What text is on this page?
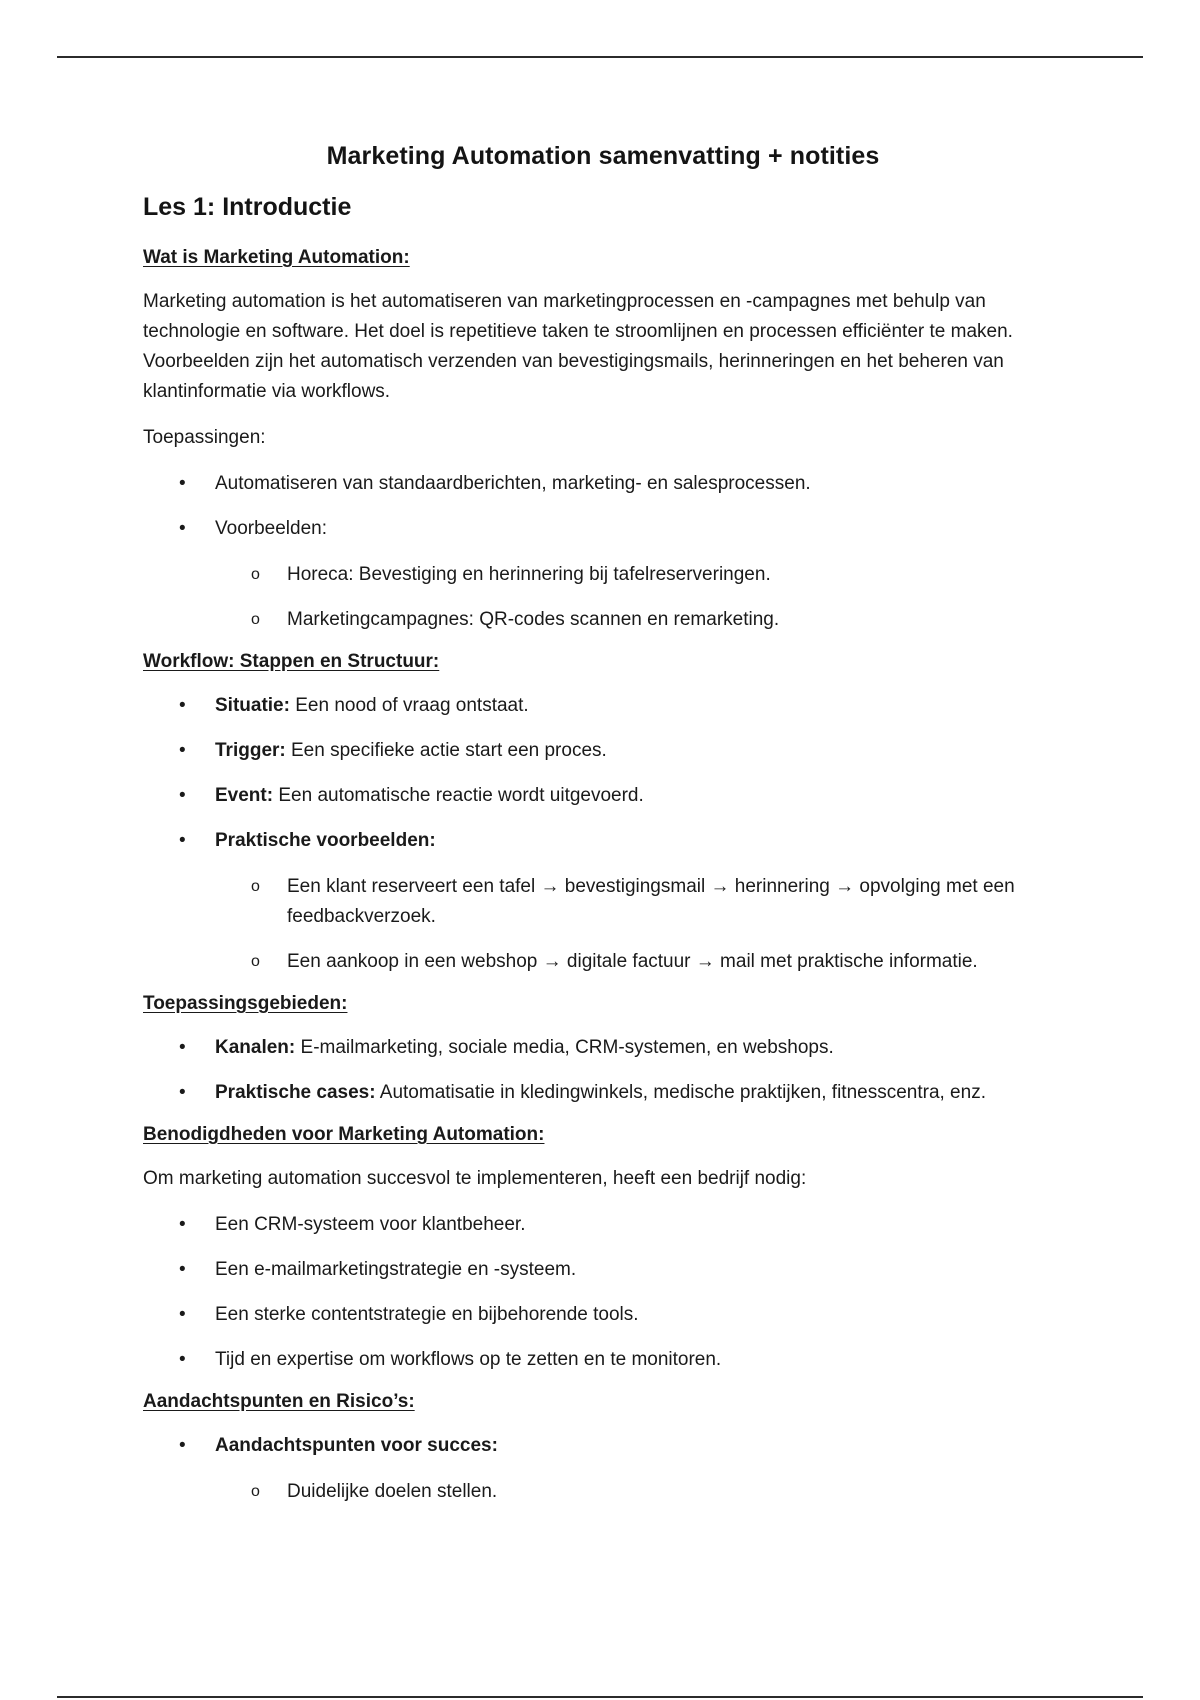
Marketing Automation samenvatting + notities
Les 1: Introductie
Wat is Marketing Automation:

Marketing automation is het automatiseren van marketingprocessen en -campagnes met behulp van technologie en software. Het doel is repetitieve taken te stroomlijnen en processen efficiënter te maken. Voorbeelden zijn het automatisch verzenden van bevestigingsmails, herinneringen en het beheren van klantinformatie via workflows.

Toepassingen:

• Automatiseren van standaardberichten, marketing- en salesprocessen.
• Voorbeelden:
o Horeca: Bevestiging en herinnering bij tafelreserveringen.
o Marketingcampagnes: QR-codes scannen en remarketing.
Workflow: Stappen en Structuur:
• Situatie: Een nood of vraag ontstaat.
• Trigger: Een specifieke actie start een proces.
• Event: Een automatische reactie wordt uitgevoerd.
• Praktische voorbeelden:
o Een klant reserveert een tafel → bevestigingsmail → herinnering → opvolging met een feedbackverzoek.
o Een aankoop in een webshop → digitale factuur → mail met praktische informatie.
Toepassingsgebieden:
• Kanalen: E-mailmarketing, sociale media, CRM-systemen, en webshops.
• Praktische cases: Automatisatie in kledingwinkels, medische praktijken, fitnesscentra, enz.
Benodigdheden voor Marketing Automation:

Om marketing automation succesvol te implementeren, heeft een bedrijf nodig:

• Een CRM-systeem voor klantbeheer.
• Een e-mailmarketingstrategie en -systeem.
• Een sterke contentstrategie en bijbehorende tools.
• Tijd en expertise om workflows op te zetten en te monitoren.
Aandachtspunten en Risico’s:
• Aandachtspunten voor succes:
o Duidelijke doelen stellen.
